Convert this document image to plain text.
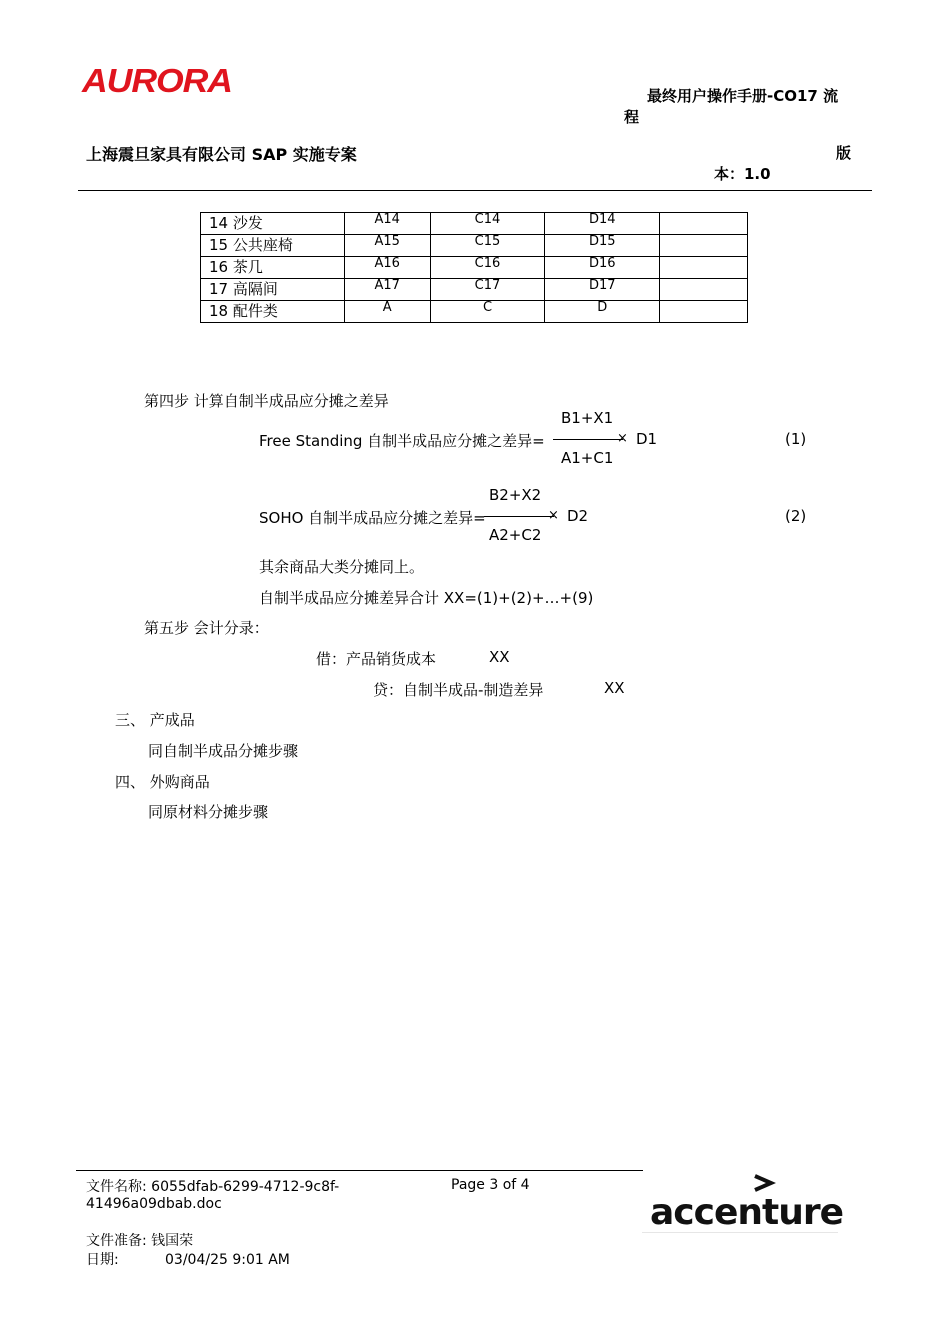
AURORA	最终用户操作手册-CO17 流
程
上海震旦家具有限公司 SAP 实施专案	版
本：1.0
14 沙发	A14	C14	D14	
15 公共座椅	A15	C15	D15	
16 茶几	A16	C16	D16	
17 高隔间	A17	C17	D17	
18 配件类	A	C	D	
第四步 计算自制半成品应分摊之差异
Free Standing 自制半成品应分摊之差异=
B1+X1
A1+C1
× D1	(1)
SOHO 自制半成品应分摊之差异=
B2+X2
A2+C2
× D2	(2)
其余商品大类分摊同上。
自制半成品应分摊差异合计 XX=(1)+(2)+…+(9)
第五步 会计分录：
借：产品销货成本	XX
贷：自制半成品-制造差异	XX
三、 产成品
同自制半成品分摊步骤
四、 外购商品
同原材料分摊步骤
文件名称: 6055dfab-6299-4712-9c8f-
41496a09dbab.doc
Page 3 of 4
文件准备: 钱国荣
日期:	03/04/25 9:01 AM
accenture
